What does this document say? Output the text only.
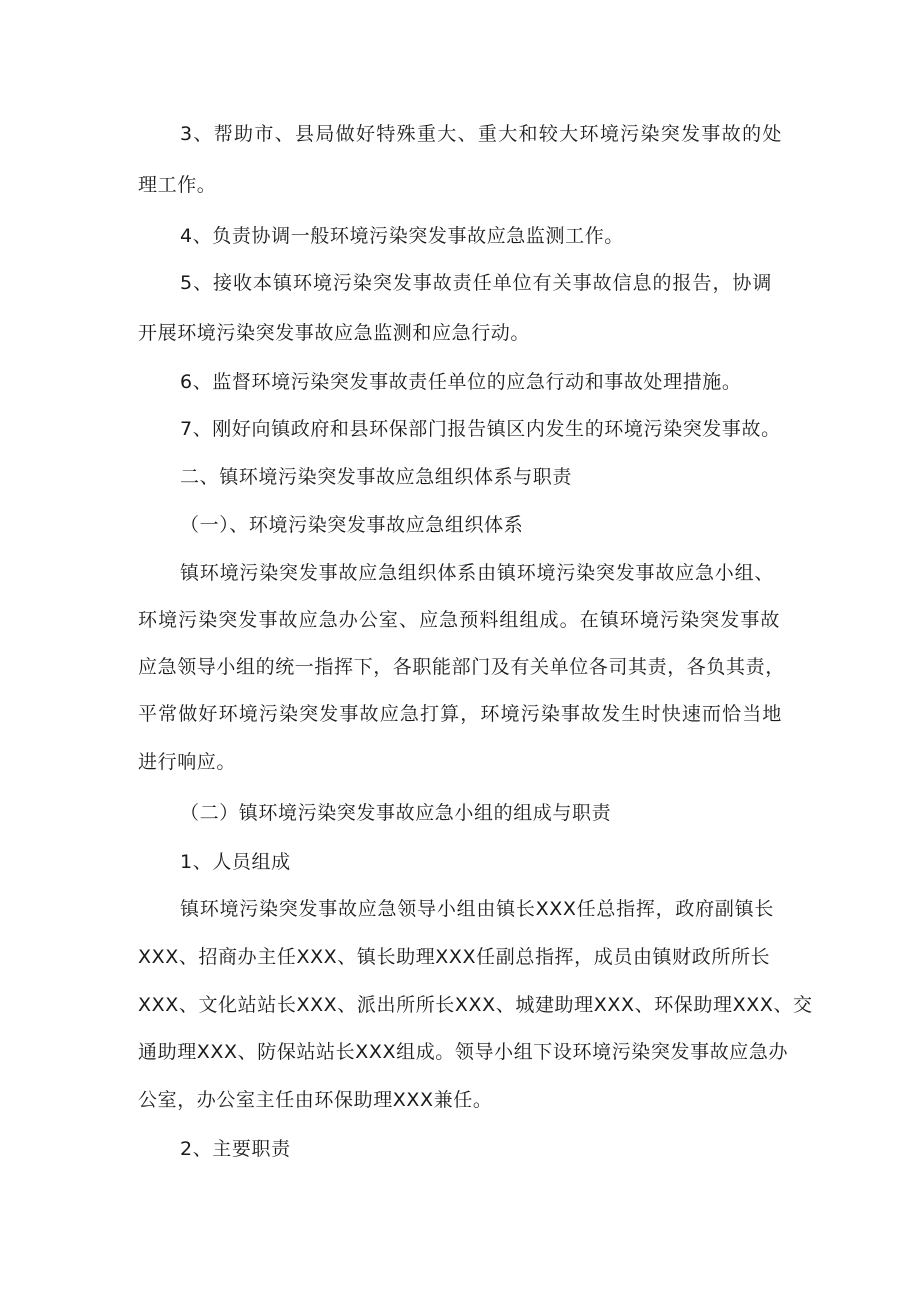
3、帮助市、县局做好特殊重大、重大和较大环境污染突发事故的处
理工作。
4、负责协调一般环境污染突发事故应急监测工作。
5、接收本镇环境污染突发事故责任单位有关事故信息的报告，协调
开展环境污染突发事故应急监测和应急行动。
6、监督环境污染突发事故责任单位的应急行动和事故处理措施。
7、刚好向镇政府和县环保部门报告镇区内发生的环境污染突发事故。
二、镇环境污染突发事故应急组织体系与职责
（一）、环境污染突发事故应急组织体系
镇环境污染突发事故应急组织体系由镇环境污染突发事故应急小组、
环境污染突发事故应急办公室、应急预料组组成。在镇环境污染突发事故
应急领导小组的统一指挥下，各职能部门及有关单位各司其责，各负其责，
平常做好环境污染突发事故应急打算，环境污染事故发生时快速而恰当地
进行响应。
（二）镇环境污染突发事故应急小组的组成与职责
1、人员组成
镇环境污染突发事故应急领导小组由镇长XXX任总指挥，政府副镇长
XXX、招商办主任XXX、镇长助理XXX任副总指挥，成员由镇财政所所长
XXX、文化站站长XXX、派出所所长XXX、城建助理XXX、环保助理XXX、交
通助理XXX、防保站站长XXX组成。领导小组下设环境污染突发事故应急办
公室，办公室主任由环保助理XXX兼任。
2、主要职责
